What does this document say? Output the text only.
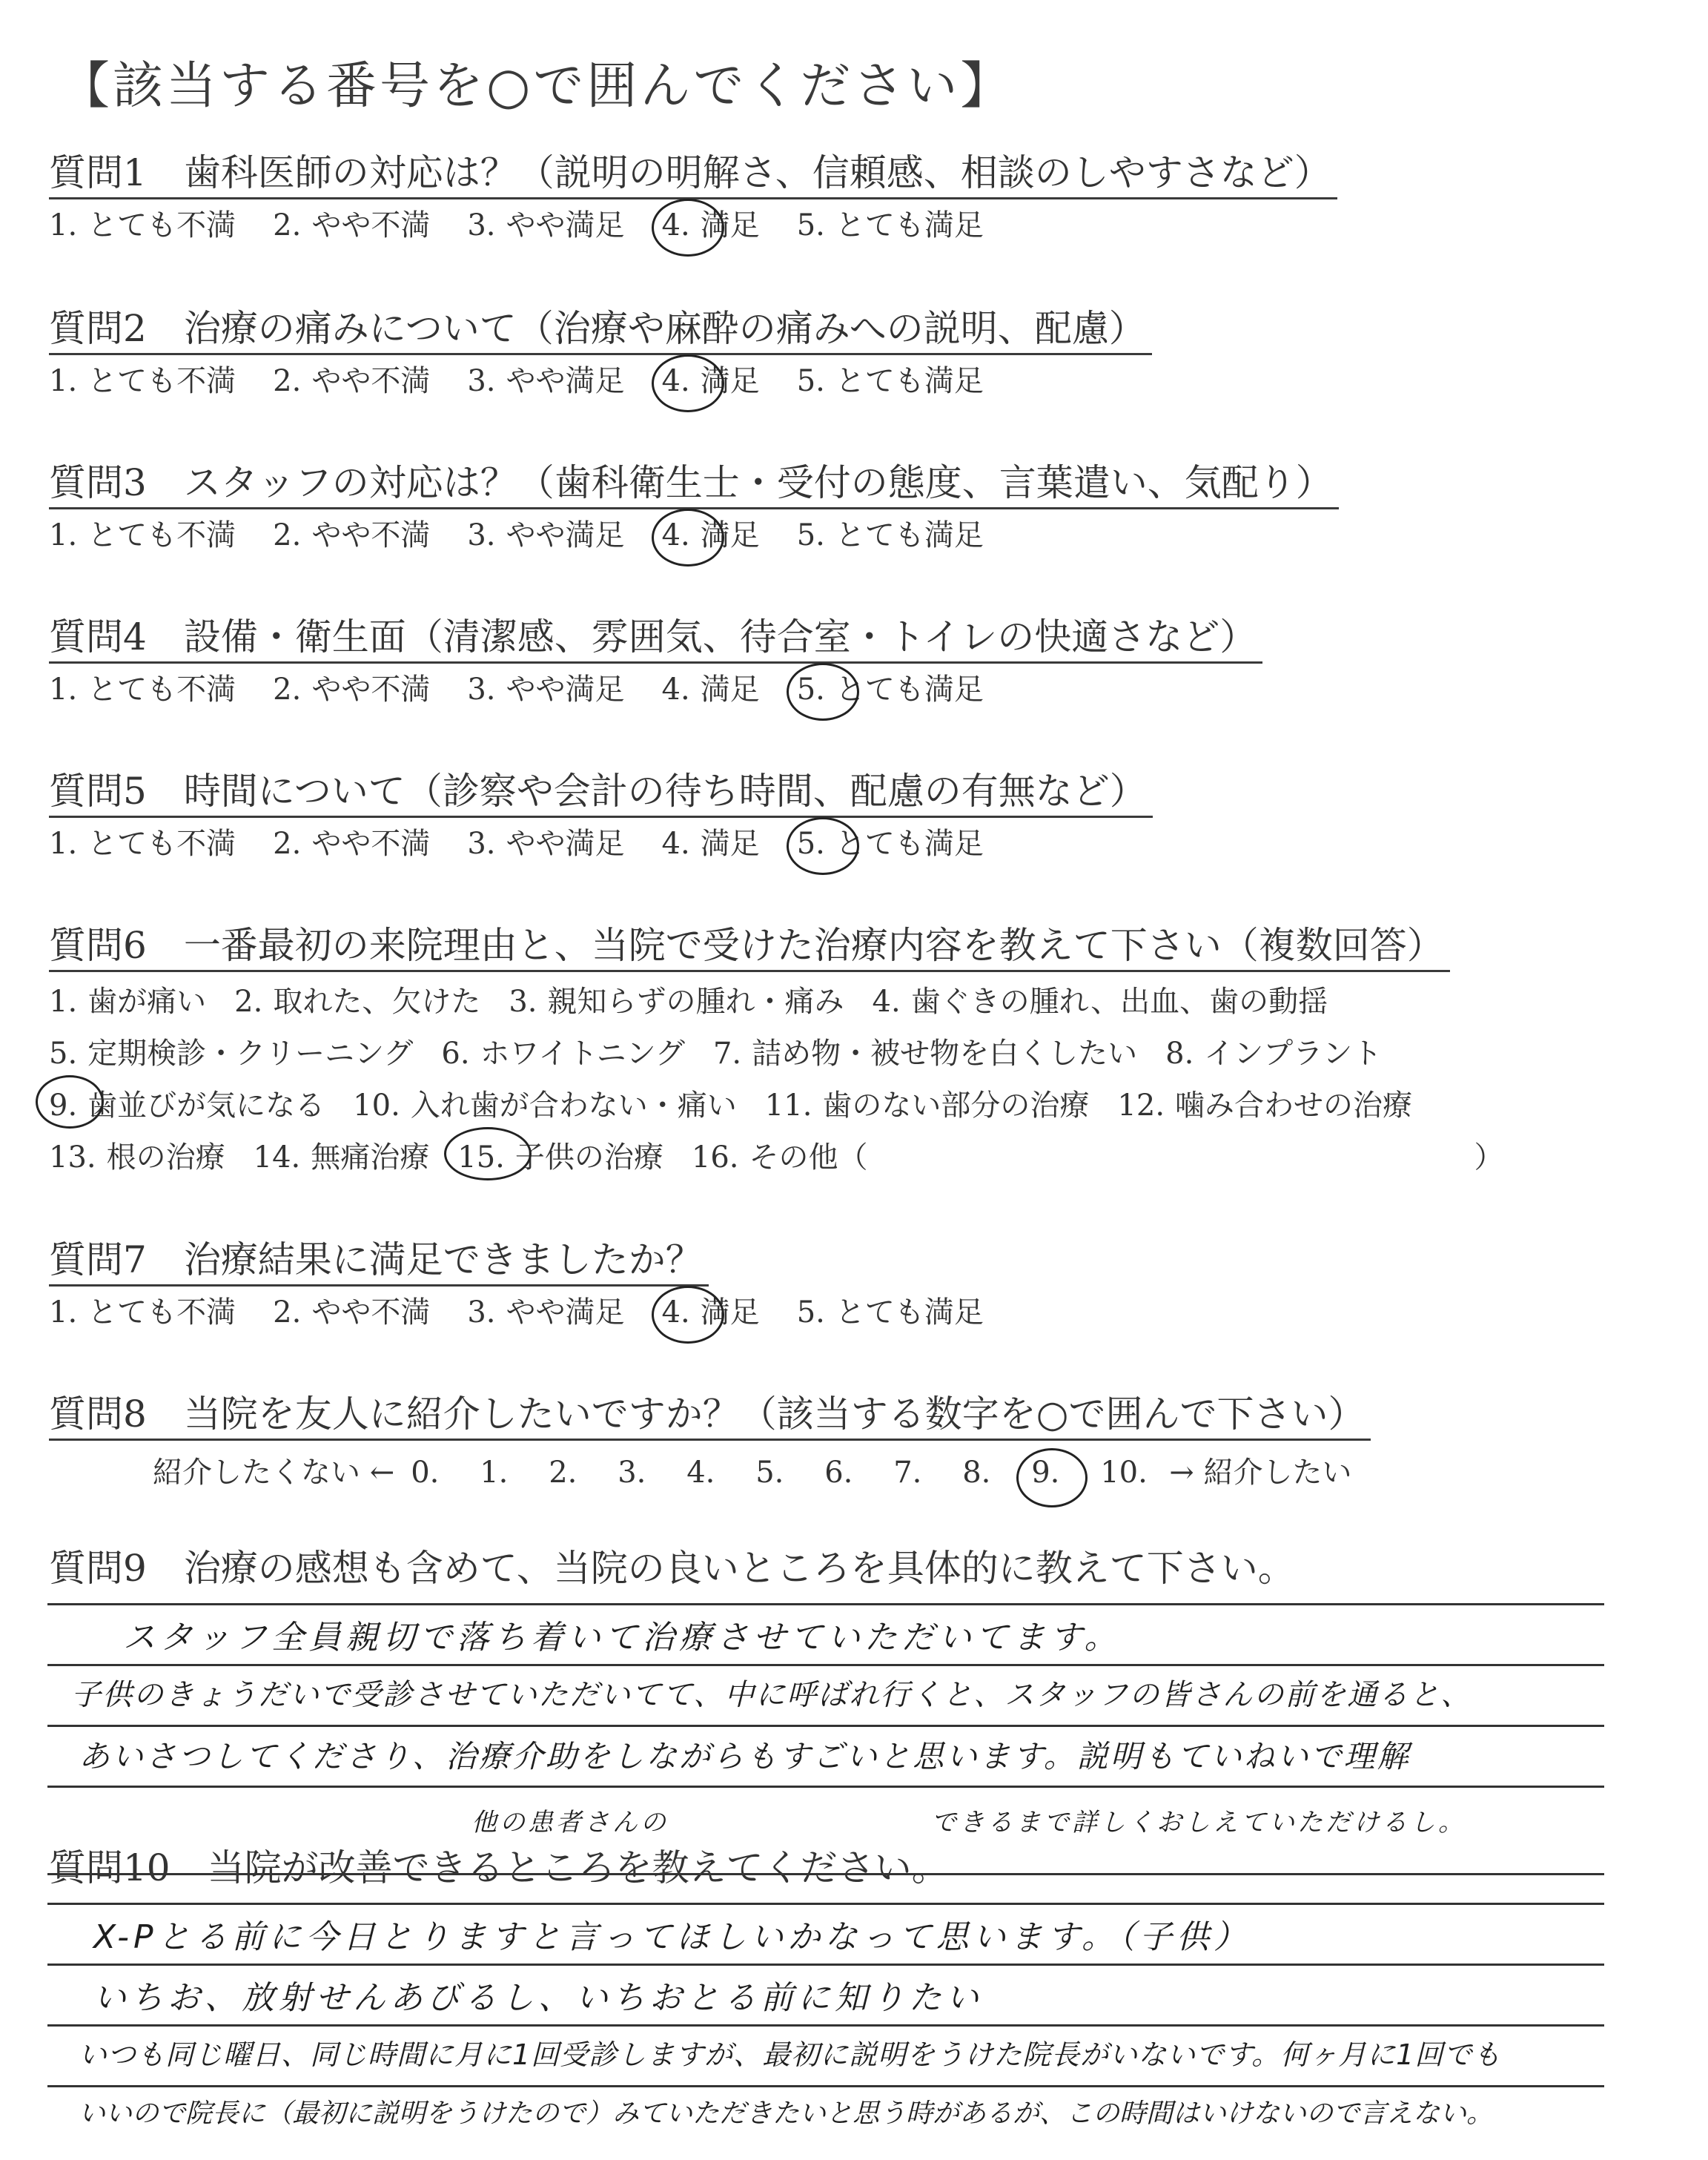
【該当する番号を○で囲んでください】
質問1　 歯科医師の対応は？（説明の明解さ、信頼感、相談のしやすさなど）
1. とても不満 2. やや不満 3. やや満足 4. 満足 5. とても満足
質問2　 治療の痛みについて（治療や麻酔の痛みへの説明、配慮）
1. とても不満 2. やや不満 3. やや満足 4. 満足 5. とても満足
質問3　 スタッフの対応は？（歯科衛生士・受付の態度、言葉遣い、気配り）
1. とても不満 2. やや不満 3. やや満足 4. 満足 5. とても満足
質問4　 設備・衛生面（清潔感、雰囲気、待合室・トイレの快適さなど）
1. とても不満 2. やや不満 3. やや満足 4. 満足 5. とても満足
質問5　 時間について（診察や会計の待ち時間、配慮の有無など）
1. とても不満 2. やや不満 3. やや満足 4. 満足 5. とても満足
質問6　 一番最初の来院理由と、当院で受けた治療内容を教えて下さい（複数回答）
1. 歯が痛い 2. 取れた、欠けた 3. 親知らずの腫れ・痛み 4. 歯ぐきの腫れ、出血、歯の動揺
5. 定期検診・クリーニング 6. ホワイトニング 7. 詰め物・被せ物を白くしたい 8. インプラント
9. 歯並びが気になる 10. 入れ歯が合わない・痛い 11. 歯のない部分の治療 12. 噛み合わせの治療
13. 根の治療 14. 無痛治療 15. 子供の治療 16. その他（	）
質問7　 治療結果に満足できましたか？
1. とても不満 2. やや不満 3. やや満足 4. 満足 5. とても満足
質問8　 当院を友人に紹介したいですか？（該当する数字を○で囲んで下さい）
紹介したくない ← 0. 1. 2. 3. 4. 5. 6. 7. 8. 9. 10. → 紹介したい
質問9　 治療の感想も含めて、当院の良いところを具体的に教えて下さい。
スタッフ全員親切で落ち着いて治療させていただいてます。
子供のきょうだいで受診させていただいてて、中に呼ばれ行くと、スタッフの皆さんの前を通ると、
あいさつしてくださり、治療介助をしながらもすごいと思います。説明もていねいで理解
他の患者さんの	できるまで詳しくおしえていただけるし。
質問10　 当院が改善できるところを教えてください。
X-Pとる前に今日とりますと言ってほしいかなって思います。（子供）
いちお、放射せんあびるし、いちおとる前に知りたい
いつも同じ曜日、同じ時間に月に1回受診しますが、最初に説明をうけた院長がいないです。何ヶ月に1回でも
いいので院長に（最初に説明をうけたので）みていただきたいと思う時があるが、この時間はいけないので言えない。
